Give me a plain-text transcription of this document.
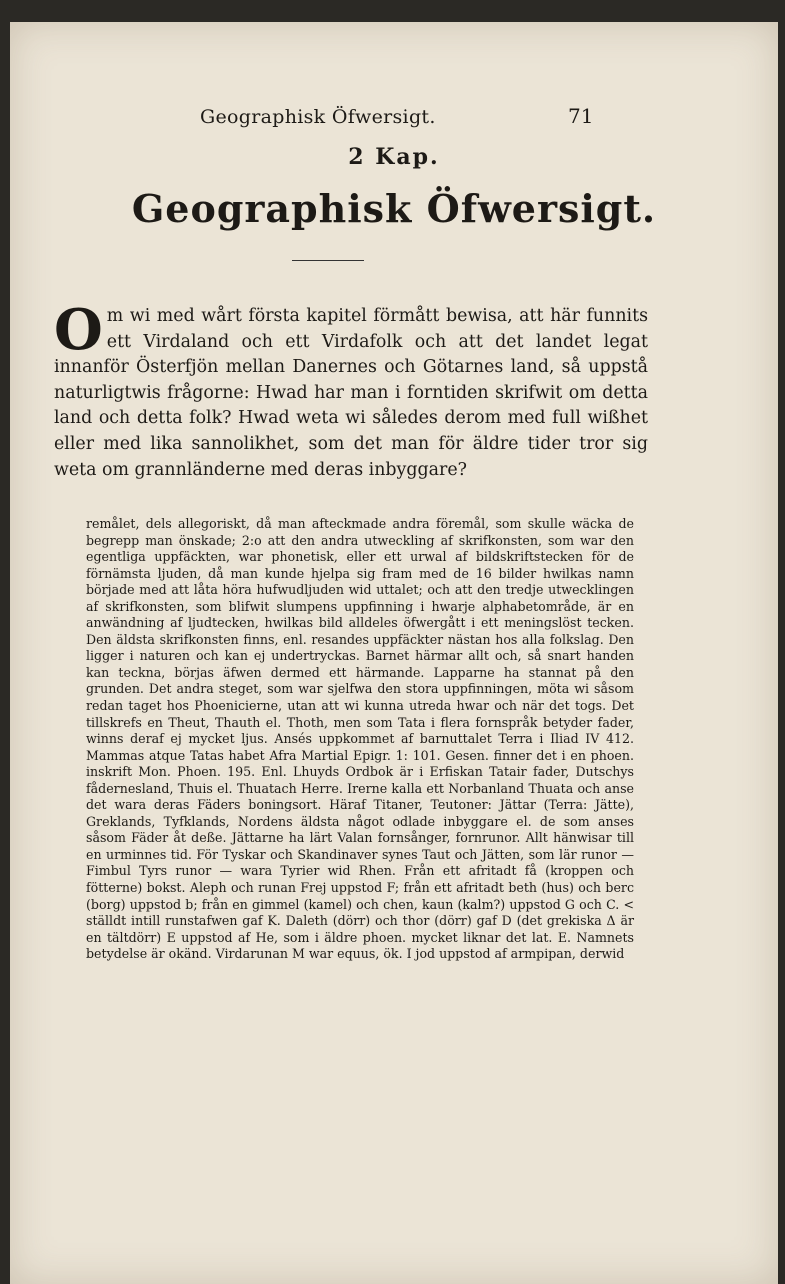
Geographisk Öfwersigt.	71
2 Kap.
Geographisk Öfwersigt.
Om wi med wårt första kapitel förmått bewisa, att här funnits ett Virdaland och ett Virdafolk och att det landet legat innanför Österfjön mellan Danernes och Götarnes land, så uppstå naturligtwis frågorne: Hwad har man i forntiden skrifwit om detta land och detta folk? Hwad weta wi således derom med full wißhet eller med lika sannolikhet, som det man för äldre tider tror sig weta om grannländerne med deras inbyggare?
remålet, dels allegoriskt, då man afteckmade andra föremål, som skulle wäcka de begrepp man önskade; 2:o att den andra utweckling af skrifkonsten, som war den egentliga uppfäckten, war phonetisk, eller ett urwal af bildskriftstecken för de förnämsta ljuden, då man kunde hjelpa sig fram med de 16 bilder hwilkas namn började med att låta höra hufwudljuden wid uttalet; och att den tredje utwecklingen af skrifkonsten, som blifwit slumpens uppfinning i hwarje alphabetområde, är en anwändning af ljudtecken, hwilkas bild alldeles öfwergått i ett meningslöst tecken. Den äldsta skrifkonsten finns, enl. resandes uppfäckter nästan hos alla folkslag. Den ligger i naturen och kan ej undertryckas. Barnet härmar allt och, så snart handen kan teckna, börjas äfwen dermed ett härmande. Lapparne ha stannat på den grunden. Det andra steget, som war sjelfwa den stora uppfinningen, möta wi såsom redan taget hos Phoenicierne, utan att wi kunna utreda hwar och när det togs. Det tillskrefs en Theut, Thauth el. Thoth, men som Tata i flera fornspråk betyder fader, winns deraf ej mycket ljus. Ansés uppkommet af barnuttalet Terra i Iliad IV 412. Mammas atque Tatas habet Afra Martial Epigr. 1: 101. Gesen. finner det i en phoen. inskrift Mon. Phoen. 195. Enl. Lhuyds Ordbok är i Erfiskan Tatair fader, Dutschys fådernesland, Thuis el. Thuatach Herre. Irerne kalla ett Norbanland Thuata och anse det wara deras Fäders boningsort. Häraf Titaner, Teutoner: Jättar (Terra: Jätte), Greklands, Tyfklands, Nordens äldsta något odlade inbyggare el. de som anses såsom Fäder åt deße. Jättarne ha lärt Valan fornsånger, fornrunor. Allt hänwisar till en urminnes tid. För Tyskar och Skandinaver synes Taut och Jätten, som lär runor — Fimbul Tyrs runor — wara Tyrier wid Rhen. Från ett afritadt få (kroppen och fötterne) bokst. Aleph och runan Frej uppstod F; från ett afritadt beth (hus) och berc (borg) uppstod b; från en gimmel (kamel) och chen, kaun (kalm?) uppstod G och C. < ställdt intill runstafwen gaf K. Daleth (dörr) och thor (dörr) gaf D (det grekiska Δ är en tältdörr) E uppstod af He, som i äldre phoen. mycket liknar det lat. E. Namnets betydelse är okänd. Virdarunan M war equus, ök. I jod uppstod af armpipan, derwid
